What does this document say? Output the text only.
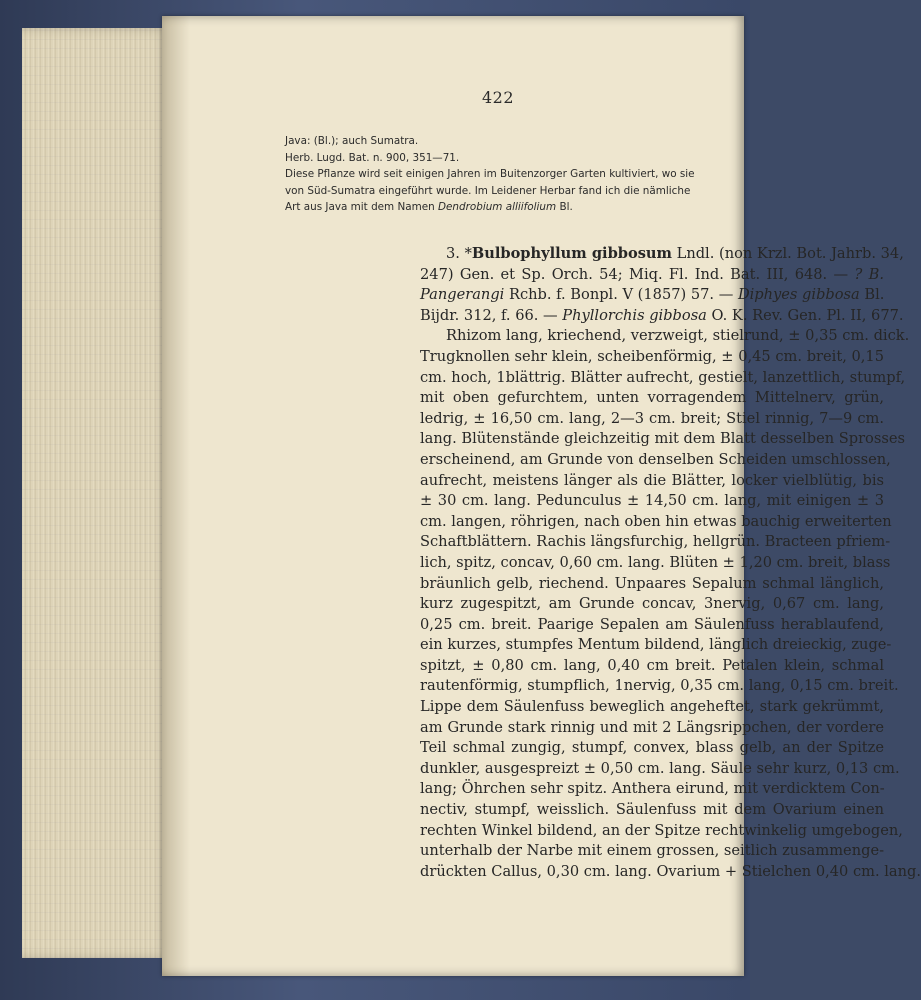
422
Java: (Bl.); auch Sumatra.
Herb. Lugd. Bat. n. 900, 351—71.
Diese Pflanze wird seit einigen Jahren im Buitenzorger Garten kultiviert, wo sie
von Süd-Sumatra eingeführt wurde. Im Leidener Herbar fand ich die nämliche
Art aus Java mit dem Namen Dendrobium alliifolium Bl.
3. *Bulbophyllum gibbosum Lndl. (non Krzl. Bot. Jahrb. 34,
247) Gen. et Sp. Orch. 54; Miq. Fl. Ind. Bat. III, 648. — ? B.
Pangerangi Rchb. f. Bonpl. V (1857) 57. — Diphyes gibbosa Bl.
Bijdr. 312, f. 66. — Phyllorchis gibbosa O. K. Rev. Gen. Pl. II, 677.
Rhizom lang, kriechend, verzweigt, stielrund, ± 0,35 cm. dick.
Trugknollen sehr klein, scheibenförmig, ± 0,45 cm. breit, 0,15
cm. hoch, 1blättrig. Blätter aufrecht, gestielt, lanzettlich, stumpf,
mit oben gefurchtem, unten vorragendem Mittelnerv, grün,
ledrig, ± 16,50 cm. lang, 2—3 cm. breit; Stiel rinnig, 7—9 cm.
lang. Blütenstände gleichzeitig mit dem Blatt desselben Sprosses
erscheinend, am Grunde von denselben Scheiden umschlossen,
aufrecht, meistens länger als die Blätter, locker vielblütig, bis
± 30 cm. lang. Pedunculus ± 14,50 cm. lang, mit einigen ± 3
cm. langen, röhrigen, nach oben hin etwas bauchig erweiterten
Schaftblättern. Rachis längsfurchig, hellgrün. Bracteen pfriem-
lich, spitz, concav, 0,60 cm. lang. Blüten ± 1,20 cm. breit, blass
bräunlich gelb, riechend. Unpaares Sepalum schmal länglich,
kurz zugespitzt, am Grunde concav, 3nervig, 0,67 cm. lang,
0,25 cm. breit. Paarige Sepalen am Säulenfuss herablaufend,
ein kurzes, stumpfes Mentum bildend, länglich dreieckig, zuge-
spitzt, ± 0,80 cm. lang, 0,40 cm breit. Petalen klein, schmal
rautenförmig, stumpflich, 1nervig, 0,35 cm. lang, 0,15 cm. breit.
Lippe dem Säulenfuss beweglich angeheftet, stark gekrümmt,
am Grunde stark rinnig und mit 2 Längsrippchen, der vordere
Teil schmal zungig, stumpf, convex, blass gelb, an der Spitze
dunkler, ausgespreizt ± 0,50 cm. lang. Säule sehr kurz, 0,13 cm.
lang; Öhrchen sehr spitz. Anthera eirund, mit verdicktem Con-
nectiv, stumpf, weisslich. Säulenfuss mit dem Ovarium einen
rechten Winkel bildend, an der Spitze rechtwinkelig umgebogen,
unterhalb der Narbe mit einem grossen, seitlich zusammenge-
drückten Callus, 0,30 cm. lang. Ovarium + Stielchen 0,40 cm. lang.
